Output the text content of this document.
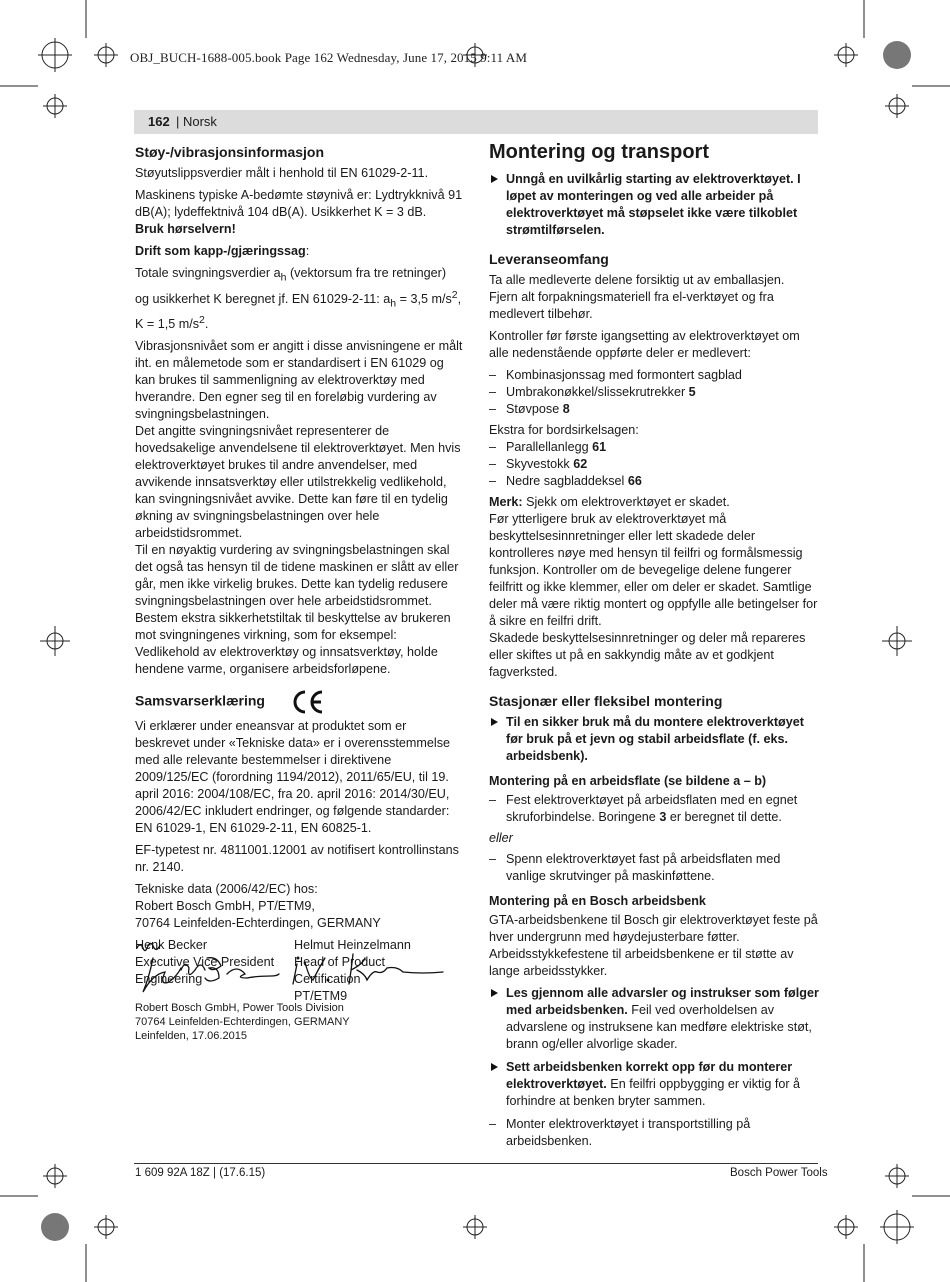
OBJ_BUCH-1688-005.book Page 162 Wednesday, June 17, 2015 9:11 AM
162 | Norsk
Støy-/vibrasjonsinformasjon

Støyutslippsverdier målt i henhold til EN 61029-2-11.

Maskinens typiske A-bedømte støynivå er: Lydtrykknivå 91 dB(A); lydeffektnivå 104 dB(A). Usikkerhet K = 3 dB.
Bruk hørselvern!

Drift som kapp-/gjæringssag:

Totale svingningsverdier $a_h$ (vektorsum fra tre retninger) og usikkerhet K beregnet jf. EN 61029-2-11: $a_h = 3,5$ $m/s^2$, K = 1,5 $m/s^2$.

Vibrasjonsnivået som er angitt i disse anvisningene er målt iht. en målemetode som er standardisert i EN 61029 og kan brukes til sammenligning av elektroverktøy med hverandre. Den egner seg til en foreløbig vurdering av svingningsbelastningen.

Det angitte svingningsnivået representerer de hovedsakelige anvendelsene til elektroverktøyet. Men hvis elektroverktøyet brukes til andre anvendelser, med avvikende innsatsverktøy eller utilstrekkelig vedlikehold, kan svingningsnivået avvike. Dette kan føre til en tydelig økning av svingningsbelastningen over hele arbeidstidsrommet.

Til en nøyaktig vurdering av svingningsbelastningen skal det også tas hensyn til de tidene maskinen er slått av eller går, men ikke virkelig brukes. Dette kan tydelig redusere svingningsbelastningen over hele arbeidstidsrommet.

Bestem ekstra sikkerhetstiltak til beskyttelse av brukeren mot svingningenes virkning, som for eksempel: Vedlikehold av elektroverktøy og innsatsverktøy, holde hendene varme, organisere arbeidsforløpene.

Samsvarserklæring

Vi erklærer under eneansvar at produktet som er beskrevet under «Tekniske data» er i overensstemmelse med alle relevante bestemmelser i direktivene 2009/125/EC (forordning 1194/2012), 2011/65/EU, til 19. april 2016: 2004/108/EC, fra 20. april 2016: 2014/30/EU, 2006/42/EC inkludert endringer, og følgende standarder: EN 61029-1, EN 61029-2-11, EN 60825-1.

EF-typetest nr. 4811001.12001 av notifisert kontrollinstans nr. 2140.

Tekniske data (2006/42/EC) hos:
Robert Bosch GmbH, PT/ETM9,
70764 Leinfelden-Echterdingen, GERMANY

Henk Becker
Executive Vice President
Engineering
Helmut Heinzelmann
Head of Product Certification
PT/ETM9
Robert Bosch GmbH, Power Tools Division
70764 Leinfelden-Echterdingen, GERMANY
Leinfelden, 17.06.2015
Montering og transport
Unngå en uvilkårlig starting av elektroverktøyet. I løpet av monteringen og ved alle arbeider på elektroverktøyet må støpselet ikke være tilkoblet strømtilførselen.
Leveranseomfang

Ta alle medleverte delene forsiktig ut av emballasjen.

Fjern alt forpakningsmateriell fra el-verktøyet og fra medlevert tilbehør.

Kontroller før første igangsetting av elektroverktøyet om alle nedenstående oppførte deler er medlevert:

– Kombinasjonssag med formontert sagblad
– Umbrakonøkkel/slissekrutrekker 5
– Støvpose 8

Ekstra for bordsirkelsagen:

– Parallellanlegg 61
– Skyvestokk 62
– Nedre sagbladdeksel 66

Merk: Sjekk om elektroverktøyet er skadet.

Før ytterligere bruk av elektroverktøyet må beskyttelsesinnretninger eller lett skadede deler kontrolleres nøye med hensyn til feilfri og formålsmessig funksjon. Kontroller om de bevegelige delene fungerer feilfritt og ikke klemmer, eller om deler er skadet. Samtlige deler må være riktig montert og oppfylle alle betingelser for å sikre en feilfri drift.

Skadede beskyttelsesinnretninger og deler må repareres eller skiftes ut på en sakkyndig måte av et godkjent fagverksted.

Stasjonær eller fleksibel montering
Til en sikker bruk må du montere elektroverktøyet før bruk på et jevn og stabil arbeidsflate (f. eks. arbeidsbenk).
Montering på en arbeidsflate (se bildene a – b)
– Fest elektroverktøyet på arbeidsflaten med en egnet skruforbindelse. Boringene 3 er beregnet til dette.

eller

– Spenn elektroverktøyet fast på arbeidsflaten med vanlige skrutvinger på maskinføttene.
Montering på en Bosch arbeidsbenk

GTA-arbeidsbenkene til Bosch gir elektroverktøyet feste på hver undergrunn med høydejusterbare føtter. Arbeidsstykkefestene til arbeidsbenkene er til støtte av lange arbeidsstykker.

Les gjennom alle advarsler og instrukser som følger med arbeidsbenken. Feil ved overholdelsen av advarslene og instruksene kan medføre elektriske støt, brann og/eller alvorlige skader.
Sett arbeidsbenken korrekt opp før du monterer elektroverktøyet. En feilfri oppbygging er viktig for å forhindre at benken bryter sammen.
– Monter elektroverktøyet i transportstilling på arbeidsbenken.
1 609 92A 18Z | (17.6.15)	Bosch Power Tools
